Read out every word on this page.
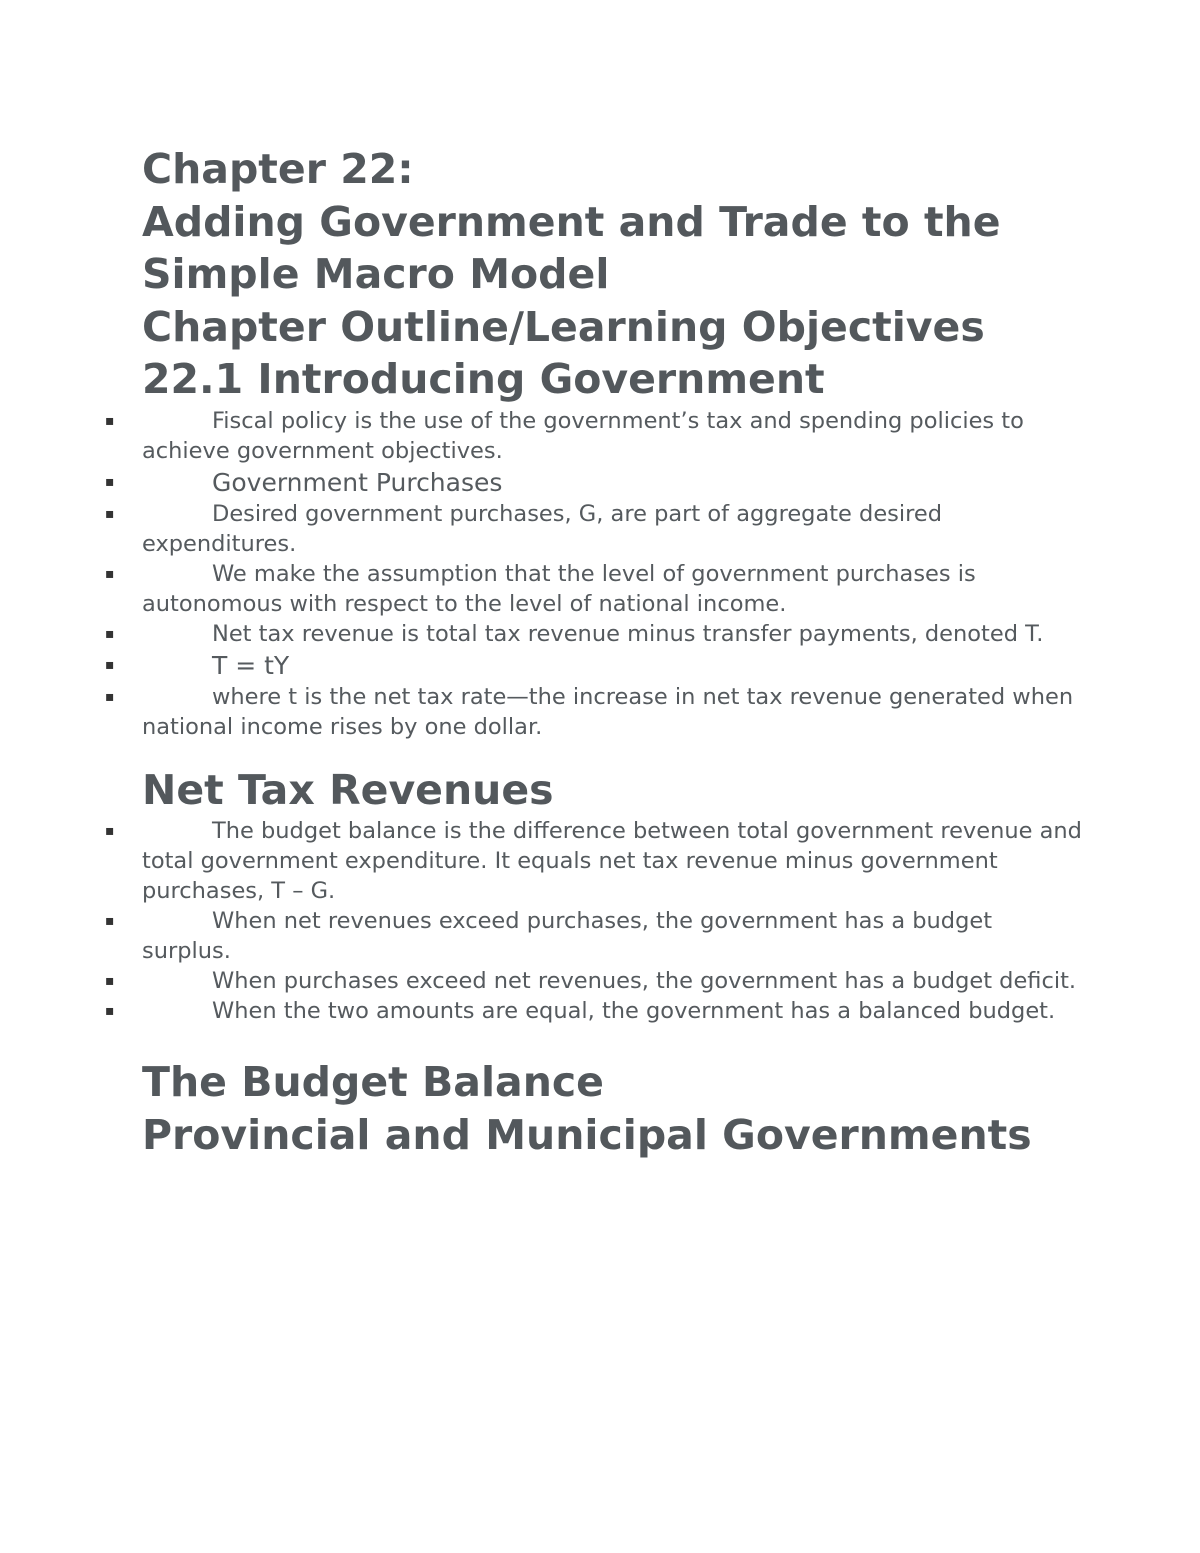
Chapter 22:
Adding Government and Trade to the
Simple Macro Model
Chapter Outline/Learning Objectives
22.1 Introducing Government
▪	Fiscal policy is the use of the government’s tax and spending policies to achieve government objectives.
▪	Government Purchases
▪	Desired government purchases, G, are part of aggregate desired expenditures.
▪	We make the assumption that the level of government purchases is autonomous with respect to the level of national income.
▪	Net tax revenue is total tax revenue minus transfer payments, denoted T.
▪	T = tY
▪	where t is the net tax rate—the increase in net tax revenue generated when national income rises by one dollar.
Net Tax Revenues
▪	The budget balance is the difference between total government revenue and total government expenditure. It equals net tax revenue minus government purchases, T – G.
▪	When net revenues exceed purchases, the government has a budget surplus.
▪	When purchases exceed net revenues, the government has a budget deficit.
▪	When the two amounts are equal, the government has a balanced budget.
The Budget Balance
Provincial and Municipal Governments
